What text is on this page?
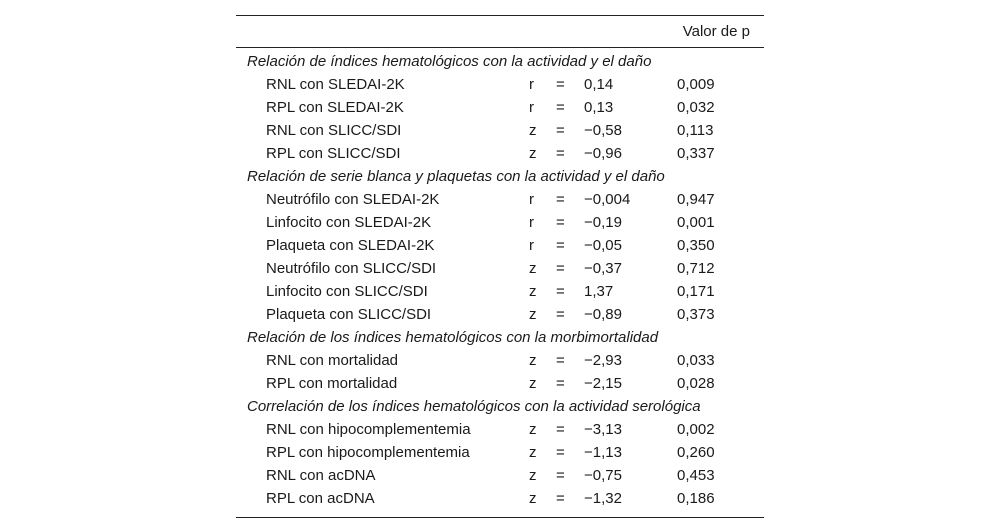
Valor de p
Relación de índices hematológicos con la actividad y el daño
RNL con SLEDAI-2K	r = 0,14	0,009
RPL con SLEDAI-2K	r = 0,13	0,032
RNL con SLICC/SDI	z = −0,58	0,113
RPL con SLICC/SDI	z = −0,96	0,337
Relación de serie blanca y plaquetas con la actividad y el daño
Neutrófilo con SLEDAI-2K	r = −0,004	0,947
Linfocito con SLEDAI-2K	r = −0,19	0,001
Plaqueta con SLEDAI-2K	r = −0,05	0,350
Neutrófilo con SLICC/SDI	z = −0,37	0,712
Linfocito con SLICC/SDI	z = 1,37	0,171
Plaqueta con SLICC/SDI	z = −0,89	0,373
Relación de los índices hematológicos con la morbimortalidad
RNL con mortalidad	z = −2,93	0,033
RPL con mortalidad	z = −2,15	0,028
Correlación de los índices hematológicos con la actividad serológica
RNL con hipocomplementemia	z = −3,13	0,002
RPL con hipocomplementemia	z = −1,13	0,260
RNL con acDNA	z = −0,75	0,453
RPL con acDNA	z = −1,32	0,186
